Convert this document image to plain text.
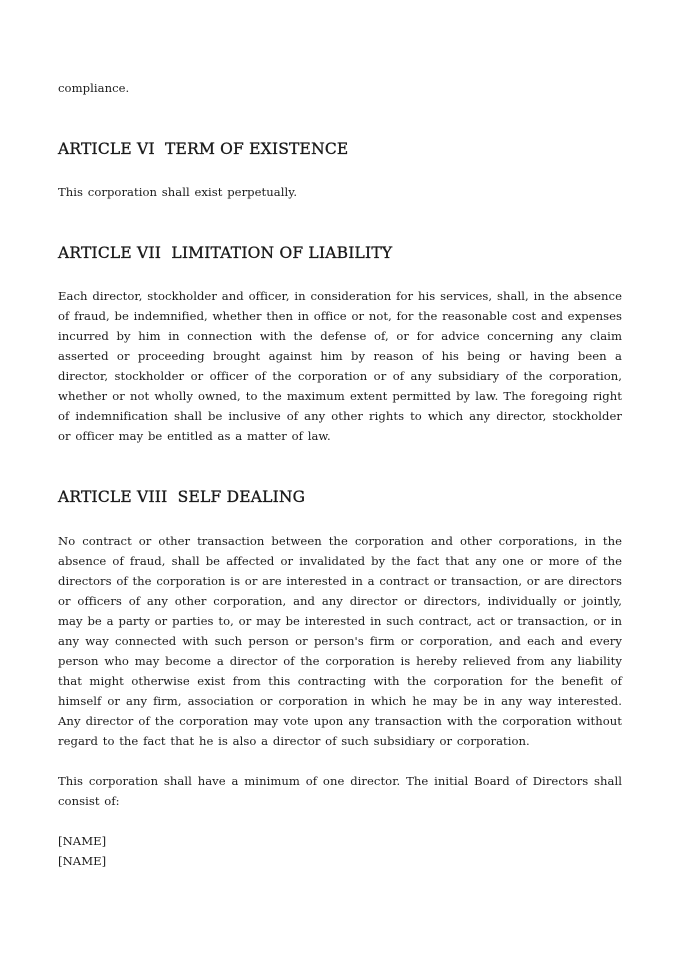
compliance.

ARTICLE VI  TERM OF EXISTENCE

This corporation shall exist perpetually.

ARTICLE VII  LIMITATION OF LIABILITY

Each director, stockholder and officer, in consideration for his services, shall, in the absence of fraud, be indemnified, whether then in office or not, for the reasonable cost and expenses incurred by him in connection with the defense of, or for advice concerning any claim asserted or proceeding brought against him by reason of his being or having been a director, stockholder or officer of the corporation or of any subsidiary of the corporation, whether or not wholly owned, to the maximum extent permitted by law. The foregoing right of indemnification shall be inclusive of any other rights to which any director, stockholder or officer may be entitled as a matter of law.

ARTICLE VIII  SELF DEALING

No contract or other transaction between the corporation and other corporations, in the absence of fraud, shall be affected or invalidated by the fact that any one or more of the directors of the corporation is or are interested in a contract or transaction, or are directors or officers of any other corporation, and any director or directors, individually or jointly, may be a party or parties to, or may be interested in such contract, act or transaction, or in any way connected with such person or person's firm or corporation, and each and every person who may become a director of the corporation is hereby relieved from any liability that might otherwise exist from this contracting with the corporation for the benefit of himself or any firm, association or corporation in which he may be in any way interested. Any director of the corporation may vote upon any transaction with the corporation without regard to the fact that he is also a director of such subsidiary or corporation.

This corporation shall have a minimum of one director. The initial Board of Directors shall consist of:

[NAME]
[NAME]
